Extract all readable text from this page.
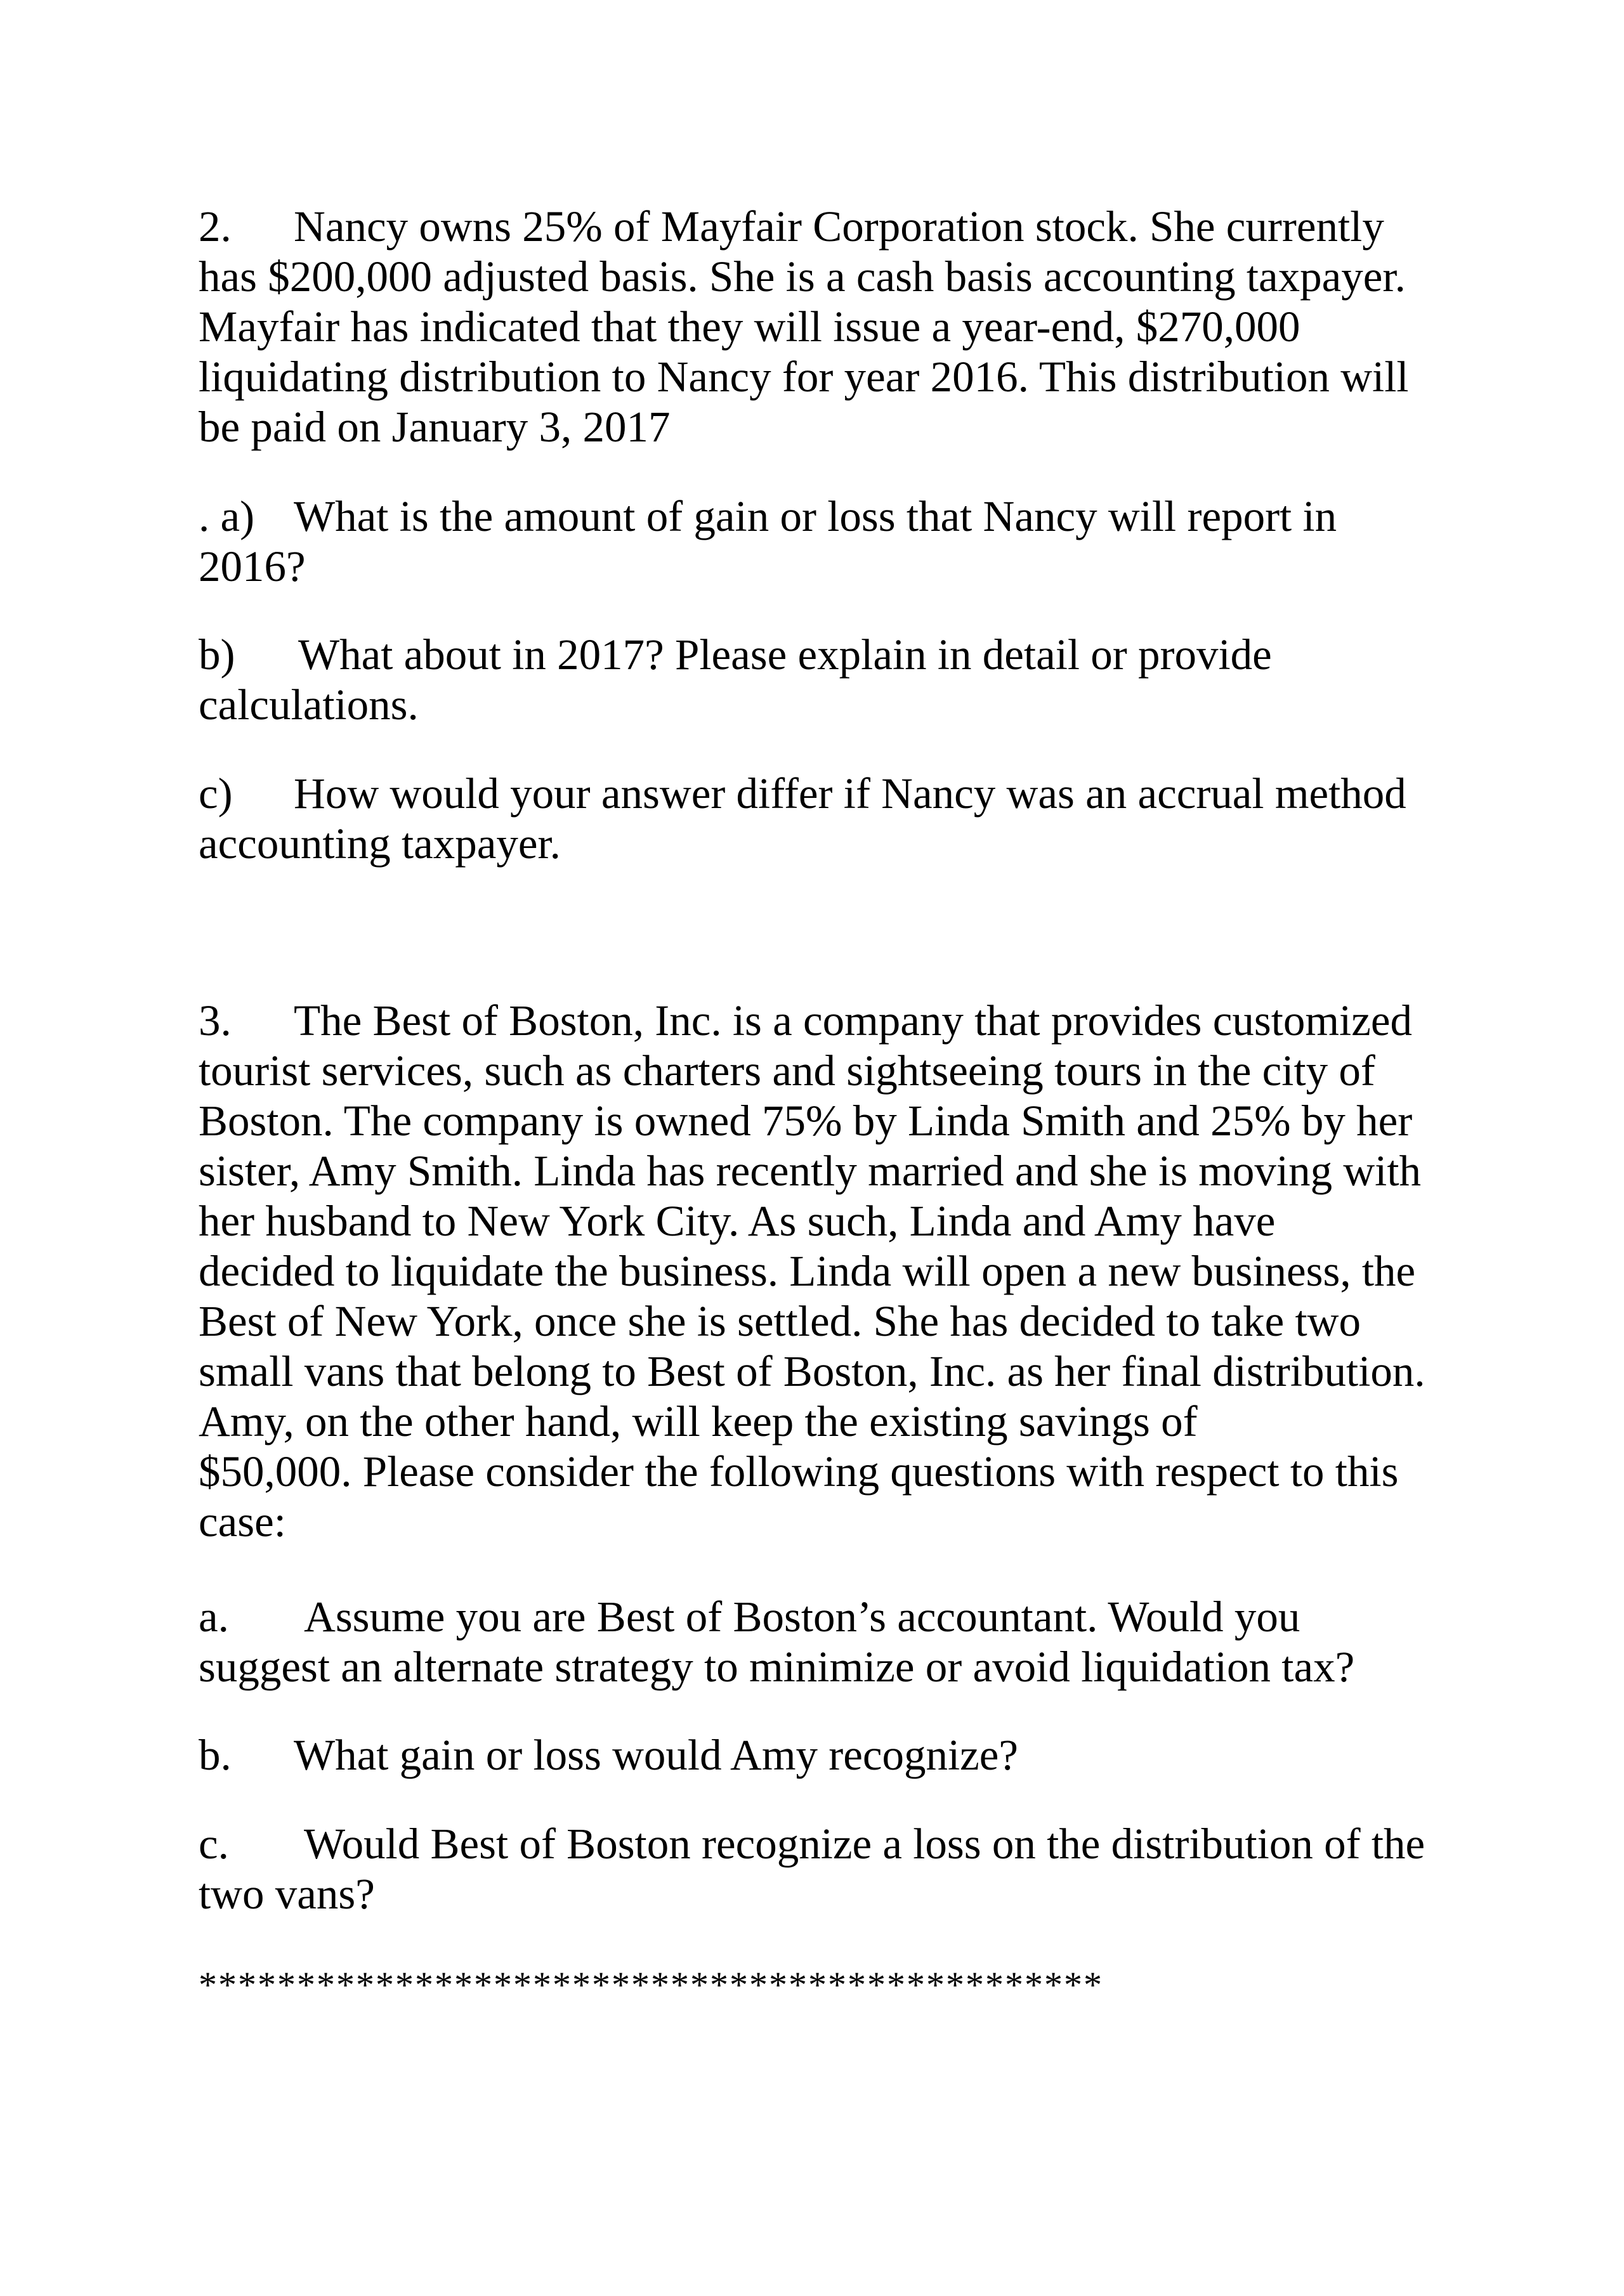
2. Nancy owns 25% of Mayfair Corporation stock. She currently
has $200,000 adjusted basis. She is a cash basis accounting taxpayer.
Mayfair has indicated that they will issue a year-end, $270,000
liquidating distribution to Nancy for year 2016. This distribution will
be paid on January 3, 2017
. a) What is the amount of gain or loss that Nancy will report in
2016?
b) What about in 2017? Please explain in detail or provide
calculations.
c) How would your answer differ if Nancy was an accrual method
accounting taxpayer.
3. The Best of Boston, Inc. is a company that provides customized
tourist services, such as charters and sightseeing tours in the city of
Boston. The company is owned 75% by Linda Smith and 25% by her
sister, Amy Smith. Linda has recently married and she is moving with
her husband to New York City. As such, Linda and Amy have
decided to liquidate the business. Linda will open a new business, the
Best of New York, once she is settled. She has decided to take two
small vans that belong to Best of Boston, Inc. as her final distribution.
Amy, on the other hand, will keep the existing savings of
$50,000. Please consider the following questions with respect to this
case:
a. Assume you are Best of Boston’s accountant. Would you
suggest an alternate strategy to minimize or avoid liquidation tax?
b. What gain or loss would Amy recognize?
c. Would Best of Boston recognize a loss on the distribution of the
two vans?
**********************************************
